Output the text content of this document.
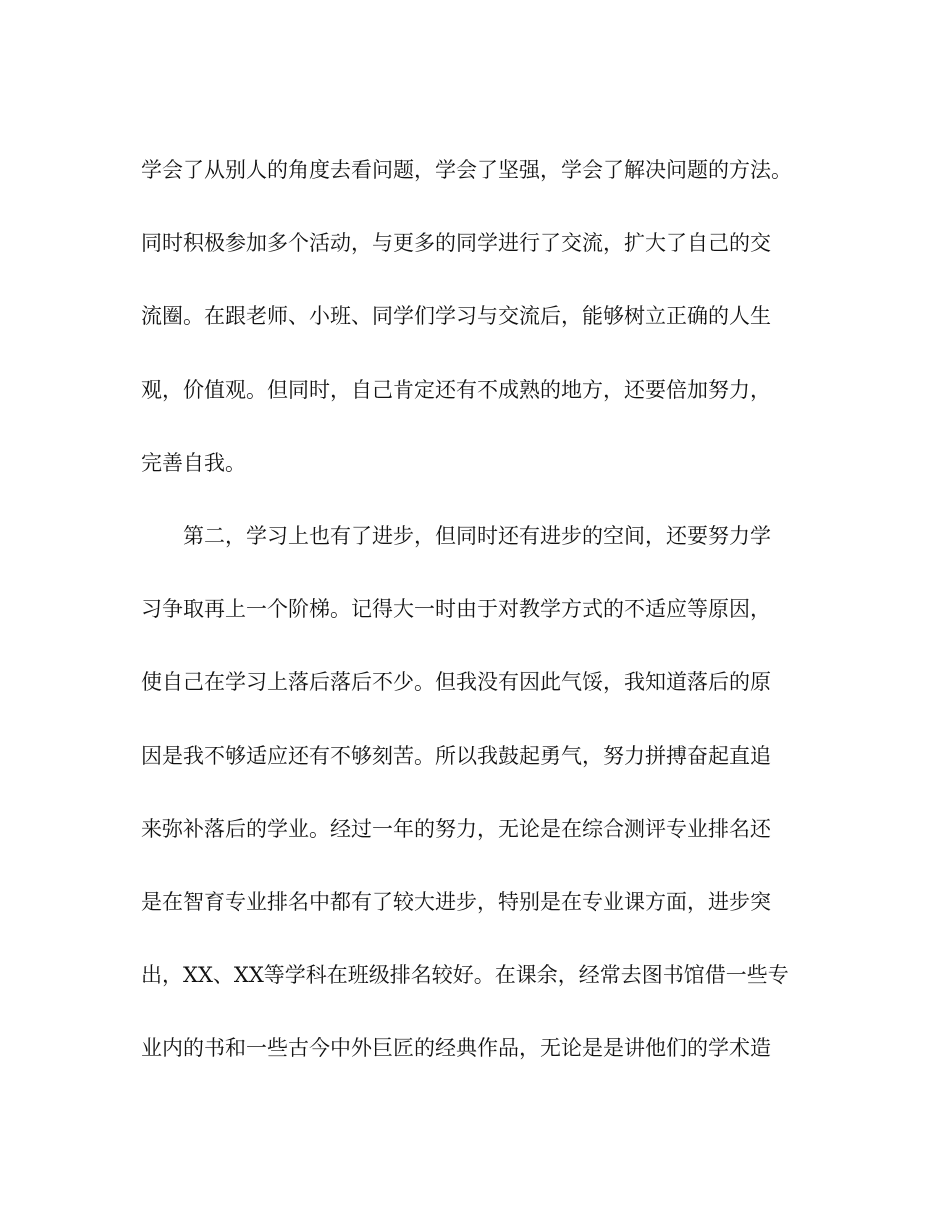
学会了从别人的角度去看问题，学会了坚强，学会了解决问题的方法。
同时积极参加多个活动，与更多的同学进行了交流，扩大了自己的交
流圈。在跟老师、小班、同学们学习与交流后，能够树立正确的人生
观，价值观。但同时，自己肯定还有不成熟的地方，还要倍加努力，
完善自我。
第二，学习上也有了进步，但同时还有进步的空间，还要努力学
习争取再上一个阶梯。记得大一时由于对教学方式的不适应等原因，
使自己在学习上落后落后不少。但我没有因此气馁，我知道落后的原
因是我不够适应还有不够刻苦。所以我鼓起勇气，努力拼搏奋起直追
来弥补落后的学业。经过一年的努力，无论是在综合测评专业排名还
是在智育专业排名中都有了较大进步，特别是在专业课方面，进步突
出，XX、XX等学科在班级排名较好。在课余，经常去图书馆借一些专
业内的书和一些古今中外巨匠的经典作品，无论是是讲他们的学术造
